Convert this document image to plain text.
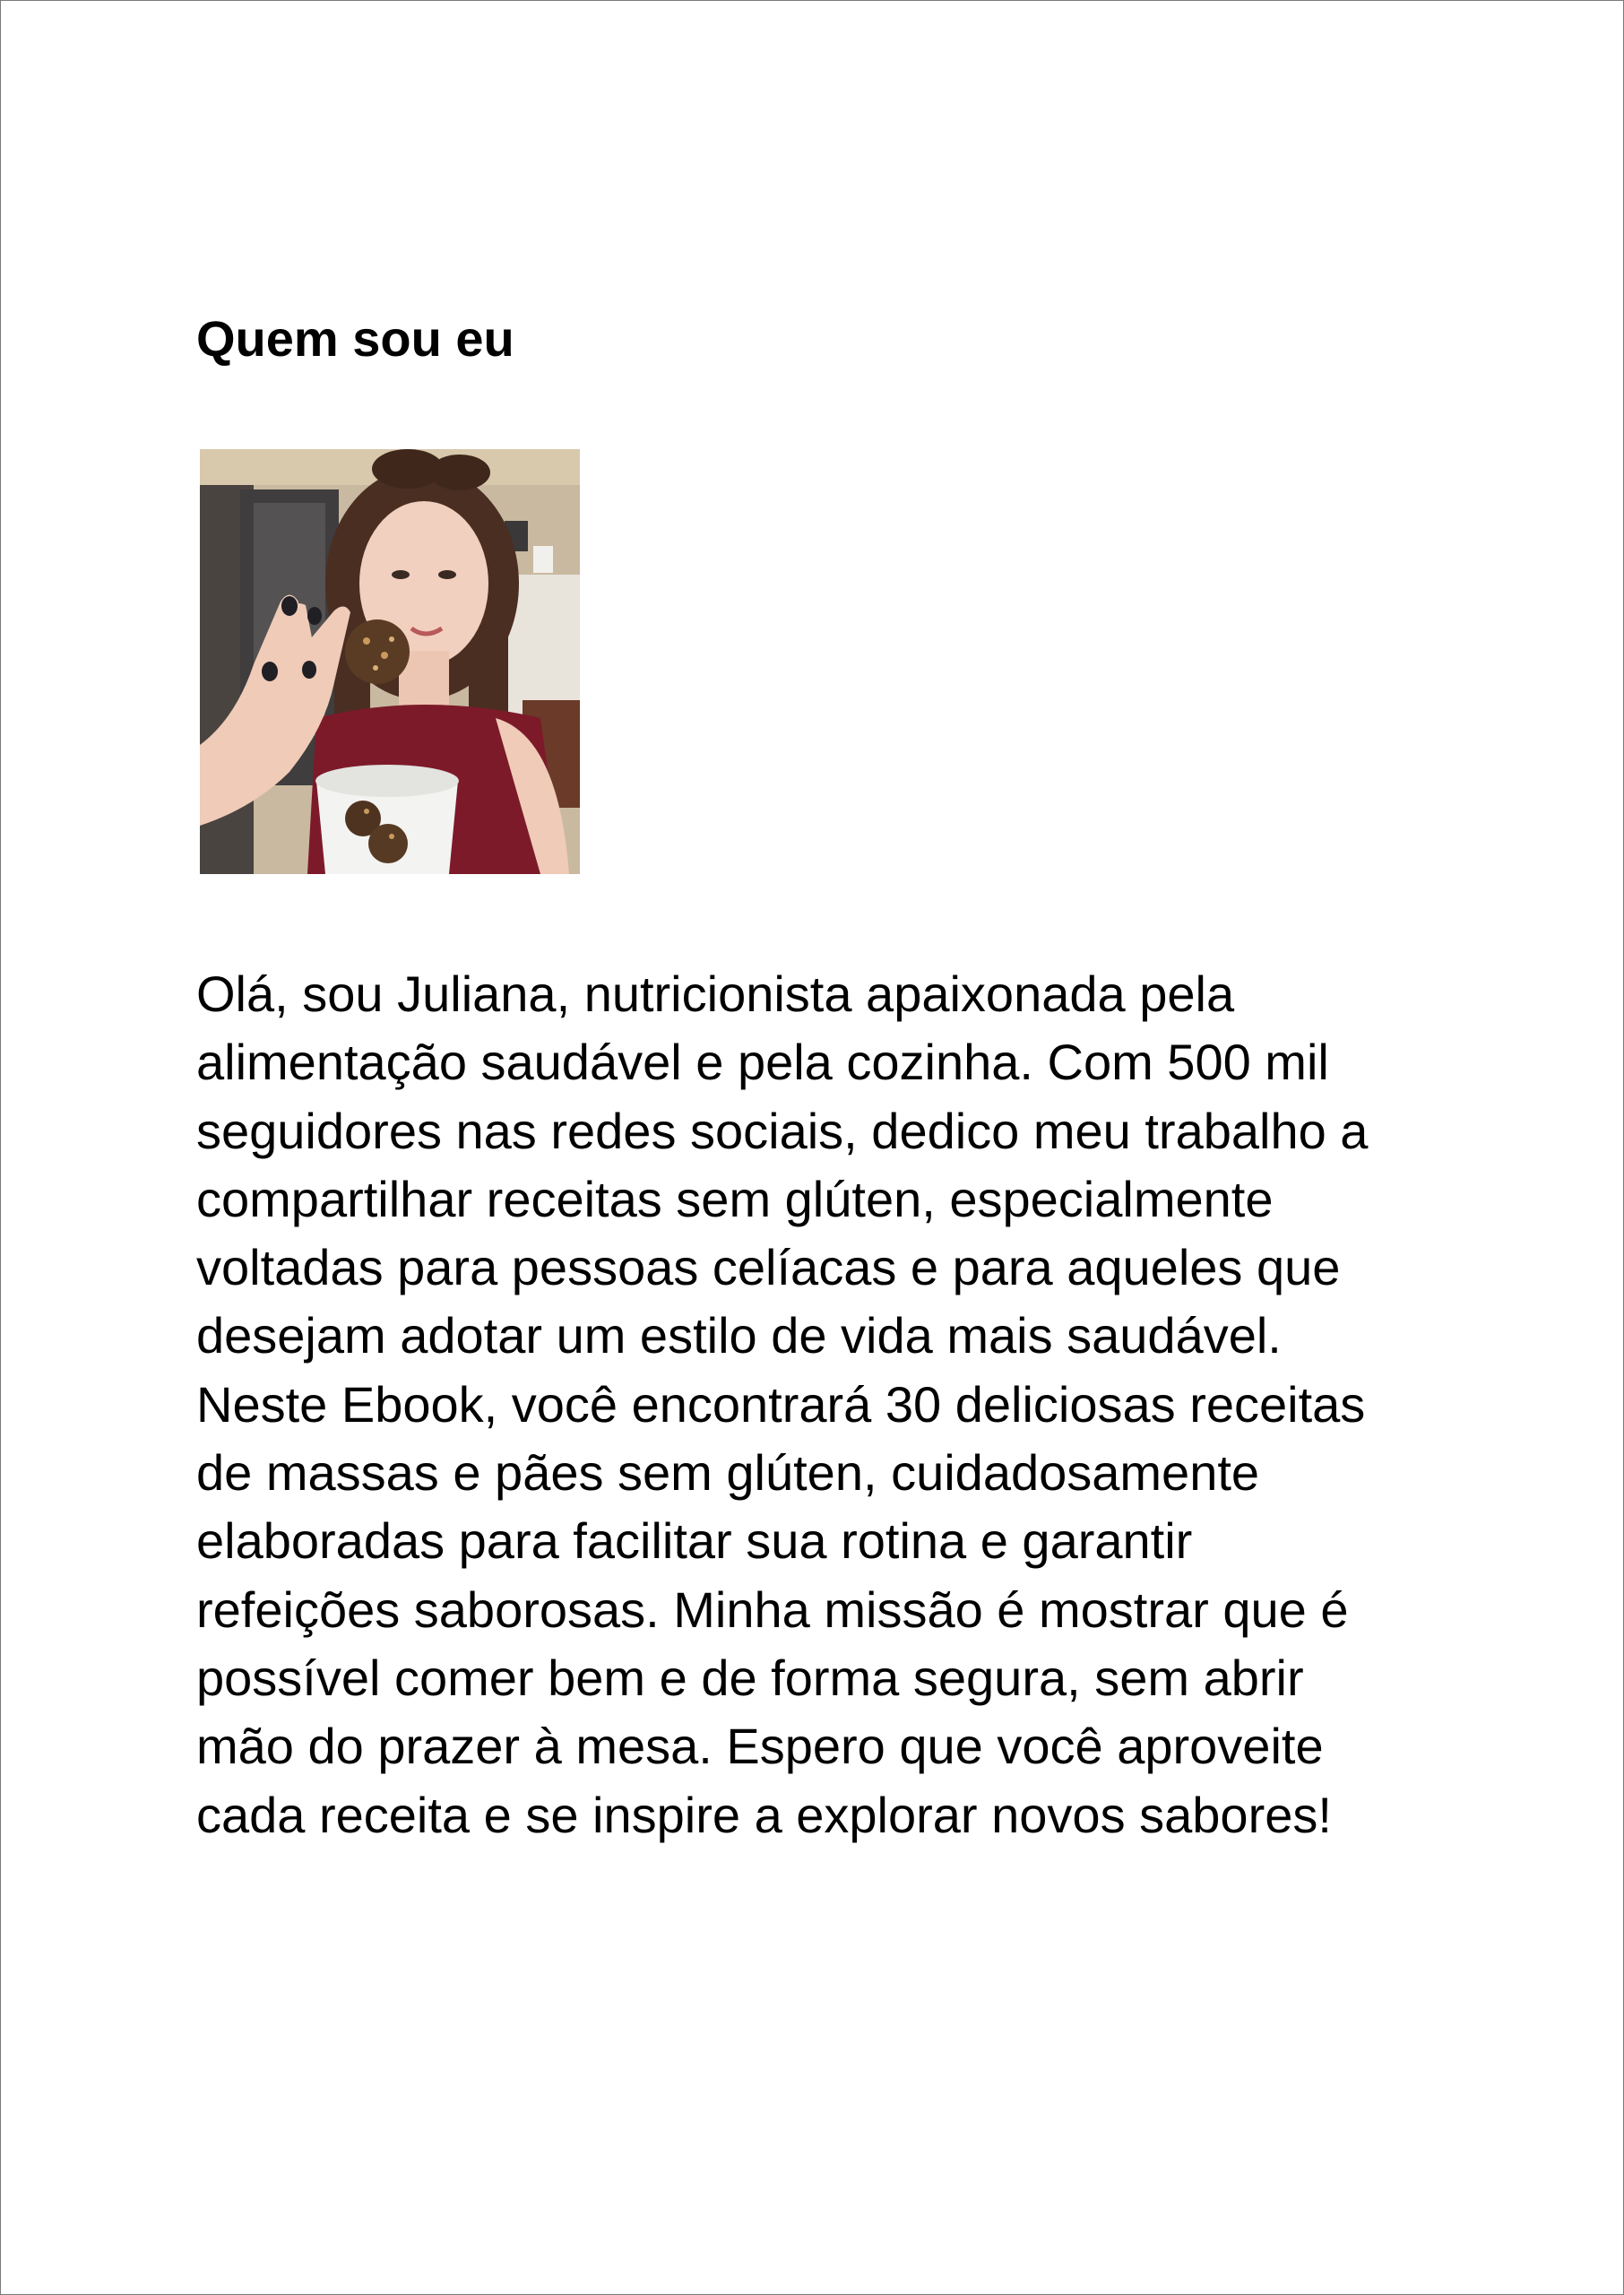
Quem sou eu

Olá, sou Juliana, nutricionista apaixonada pela
alimentação saudável e pela cozinha. Com 500 mil
seguidores nas redes sociais, dedico meu trabalho a
compartilhar receitas sem glúten, especialmente
voltadas para pessoas celíacas e para aqueles que
desejam adotar um estilo de vida mais saudável.
Neste Ebook, você encontrará 30 deliciosas receitas
de massas e pães sem glúten, cuidadosamente
elaboradas para facilitar sua rotina e garantir
refeições saborosas. Minha missão é mostrar que é
possível comer bem e de forma segura, sem abrir
mão do prazer à mesa. Espero que você aproveite
cada receita e se inspire a explorar novos sabores!
